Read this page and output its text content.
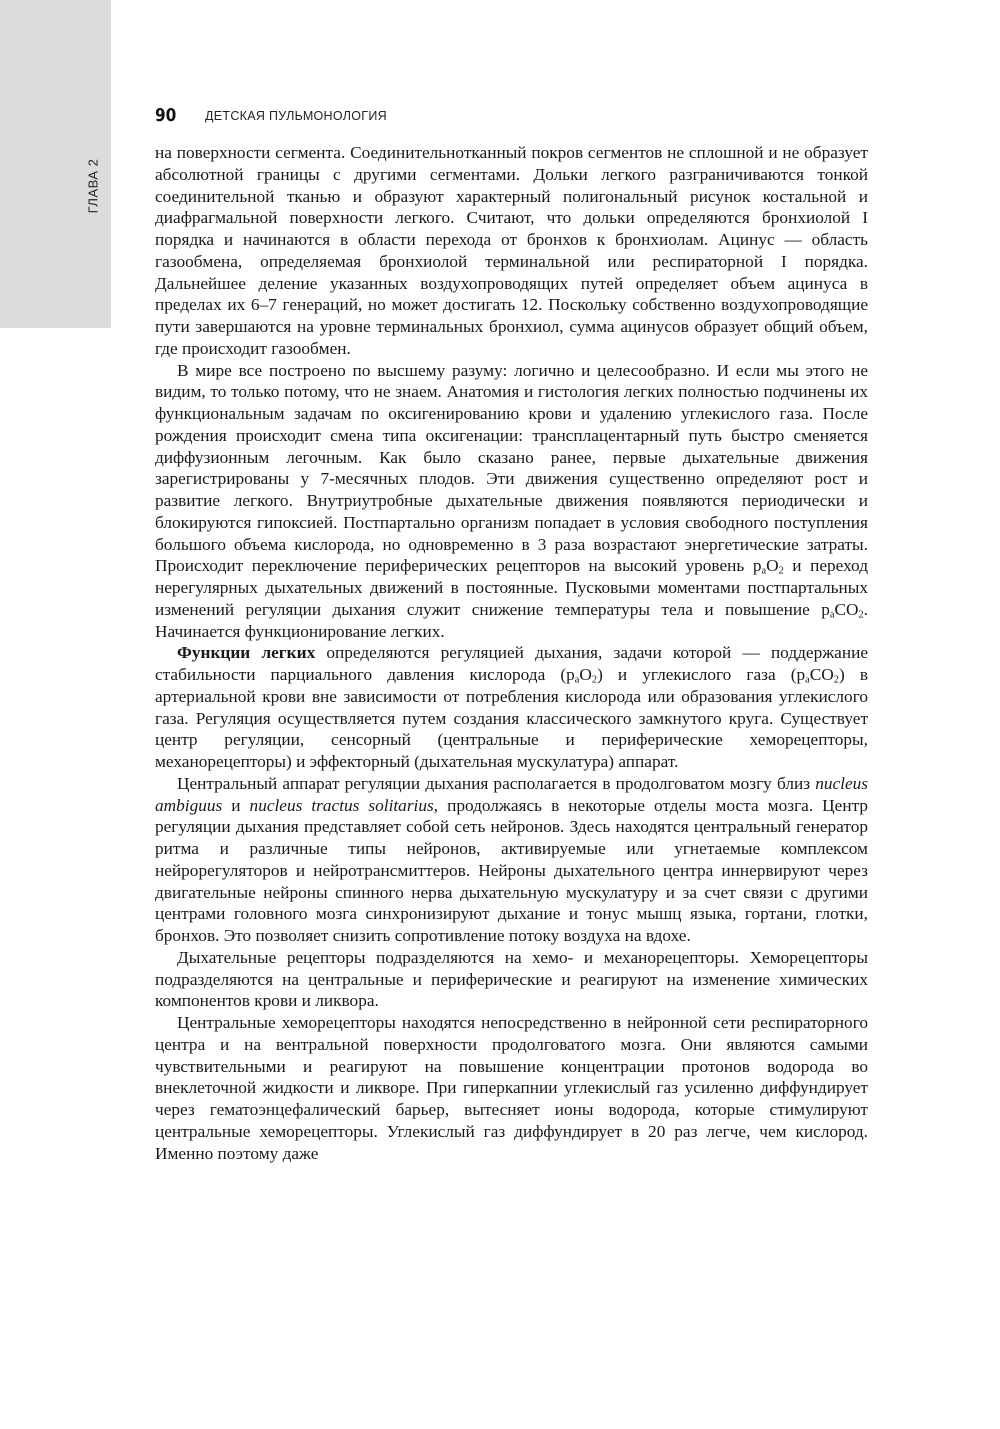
ГЛАВА 2
90 ДЕТСКАЯ ПУЛЬМОНОЛОГИЯ

на поверхности сегмента. Соединительнотканный покров сегментов не сплошной и не образует абсолютной границы с другими сегментами. Дольки легкого разграничиваются тонкой соединительной тканью и образуют характерный полигональный рисунок костальной и диафрагмальной поверхности легкого. Считают, что дольки определяются бронхиолой I порядка и начинаются в области перехода от бронхов к бронхиолам. Ацинус — область газообмена, определяемая бронхиолой терминальной или респираторной I порядка. Дальнейшее деление указанных воздухопроводящих путей определяет объем ацинуса в пределах их 6–7 генераций, но может достигать 12. Поскольку собственно воздухопроводящие пути завершаются на уровне терминальных бронхиол, сумма ацинусов образует общий объем, где происходит газообмен.

В мире все построено по высшему разуму: логично и целесообразно. И если мы этого не видим, то только потому, что не знаем. Анатомия и гистология легких полностью подчинены их функциональным задачам по оксигенированию крови и удалению углекислого газа. После рождения происходит смена типа оксигенации: трансплацентарный путь быстро сменяется диффузионным легочным. Как было сказано ранее, первые дыхательные движения зарегистрированы у 7-месячных плодов. Эти движения существенно определяют рост и развитие легкого. Внутриутробные дыхательные движения появляются периодически и блокируются гипоксией. Постпартально организм попадает в условия свободного поступления большого объема кислорода, но одновременно в 3 раза возрастают энергетические затраты. Происходит переключение периферических рецепторов на высокий уровень $p_aO_2$ и переход нерегулярных дыхательных движений в постоянные. Пусковыми моментами постпартальных изменений регуляции дыхания служит снижение температуры тела и повышение $p_aCO_2$. Начинается функционирование легких.

Функции легких определяются регуляцией дыхания, задачи которой — поддержание стабильности парциального давления кислорода $(p_aO_2)$ и углекислого газа $(p_aCO_2)$ в артериальной крови вне зависимости от потребления кислорода или образования углекислого газа. Регуляция осуществляется путем создания классического замкнутого круга. Существует центр регуляции, сенсорный (центральные и периферические хеморецепторы, механорецепторы) и эффекторный (дыхательная мускулатура) аппарат.

Центральный аппарат регуляции дыхания располагается в продолговатом мозгу близ nucleus ambiguus и nucleus tractus solitarius, продолжаясь в некоторые отделы моста мозга. Центр регуляции дыхания представляет собой сеть нейронов. Здесь находятся центральный генератор ритма и различные типы нейронов, активируемые или угнетаемые комплексом нейрорегуляторов и нейротрансмиттеров. Нейроны дыхательного центра иннервируют через двигательные нейроны спинного нерва дыхательную мускулатуру и за счет связи с другими центрами головного мозга синхронизируют дыхание и тонус мышц языка, гортани, глотки, бронхов. Это позволяет снизить сопротивление потоку воздуха на вдохе.

Дыхательные рецепторы подразделяются на хемо- и механорецепторы. Хеморецепторы подразделяются на центральные и периферические и реагируют на изменение химических компонентов крови и ликвора.

Центральные хеморецепторы находятся непосредственно в нейронной сети респираторного центра и на вентральной поверхности продолговатого мозга. Они являются самыми чувствительными и реагируют на повышение концентрации протонов водорода во внеклеточной жидкости и ликворе. При гиперкапнии углекислый газ усиленно диффундирует через гематоэнцефалический барьер, вытесняет ионы водорода, которые стимулируют центральные хеморецепторы. Углекислый газ диффундирует в 20 раз легче, чем кислород. Именно поэтому даже
